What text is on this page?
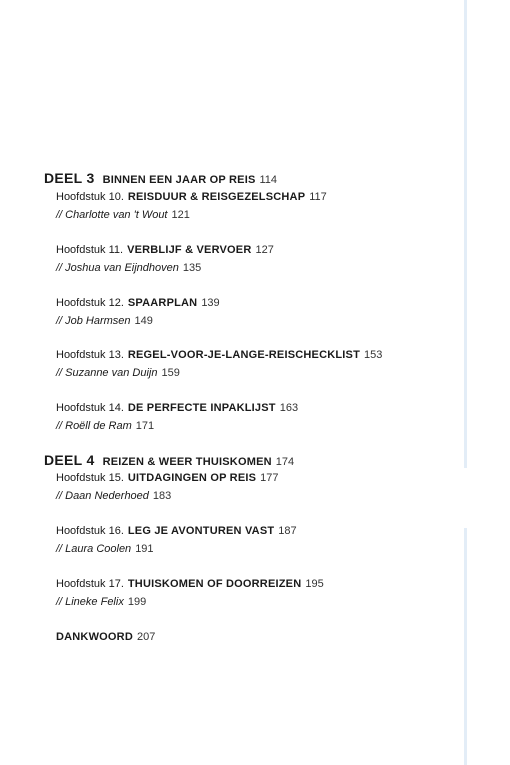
DEEL 3 BINNEN EEN JAAR OP REIS 114
Hoofdstuk 10. REISDUUR & REISGEZELSCHAP 117
// Charlotte van 't Wout 121
Hoofdstuk 11. VERBLIJF & VERVOER 127
// Joshua van Eijndhoven 135
Hoofdstuk 12. SPAARPLAN 139
// Job Harmsen 149
Hoofdstuk 13. REGEL-VOOR-JE-LANGE-REISCHECKLIST 153
// Suzanne van Duijn 159
Hoofdstuk 14. DE PERFECTE INPAKLIJST 163
// Roëll de Ram 171
DEEL 4 REIZEN & WEER THUISKOMEN 174
Hoofdstuk 15. UITDAGINGEN OP REIS 177
// Daan Nederhoed 183
Hoofdstuk 16. LEG JE AVONTUREN VAST 187
// Laura Coolen 191
Hoofdstuk 17. THUISKOMEN OF DOORREIZEN 195
// Lineke Felix 199
DANKWOORD 207
